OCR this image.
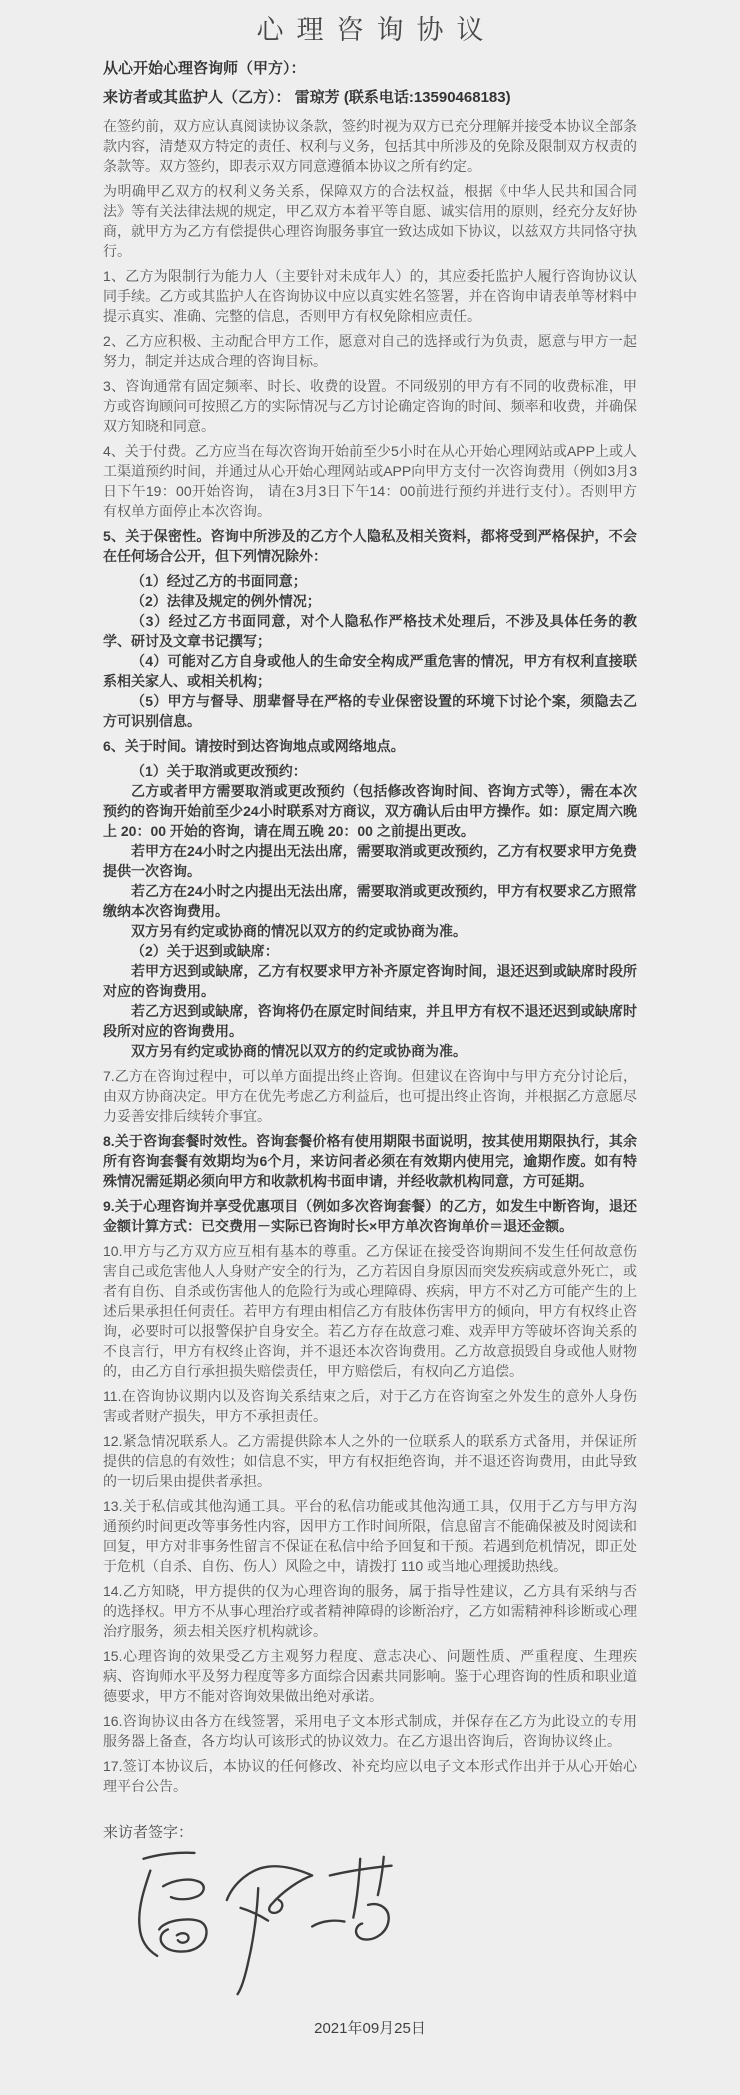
心理咨询协议

从心开始心理咨询师（甲方）：

来访者或其监护人（乙方）： 雷琼芳 (联系电话:13590468183)

在签约前，双方应认真阅读协议条款，签约时视为双方已充分理解并接受本协议全部条款内容，清楚双方特定的责任、权利与义务，包括其中所涉及的免除及限制双方权责的条款等。双方签约，即表示双方同意遵循本协议之所有约定。

为明确甲乙双方的权利义务关系，保障双方的合法权益，根据《中华人民共和国合同法》等有关法律法规的规定，甲乙双方本着平等自愿、诚实信用的原则，经充分友好协商，就甲方为乙方有偿提供心理咨询服务事宜一致达成如下协议，以兹双方共同恪守执行。

1、乙方为限制行为能力人（主要针对未成年人）的，其应委托监护人履行咨询协议认同手续。乙方或其监护人在咨询协议中应以真实姓名签署，并在咨询申请表单等材料中提示真实、准确、完整的信息，否则甲方有权免除相应责任。

2、乙方应积极、主动配合甲方工作，愿意对自己的选择或行为负责，愿意与甲方一起努力，制定并达成合理的咨询目标。

3、咨询通常有固定频率、时长、收费的设置。不同级别的甲方有不同的收费标准，甲方或咨询顾问可按照乙方的实际情况与乙方讨论确定咨询的时间、频率和收费，并确保双方知晓和同意。

4、关于付费。乙方应当在每次咨询开始前至少5小时在从心开始心理网站或APP上或人工渠道预约时间，并通过从心开始心理网站或APP向甲方支付一次咨询费用（例如3月3日下午19：00开始咨询， 请在3月3日下午14：00前进行预约并进行支付）。否则甲方有权单方面停止本次咨询。

5、关于保密性。咨询中所涉及的乙方个人隐私及相关资料，都将受到严格保护，不会在任何场合公开，但下列情况除外：

（1）经过乙方的书面同意；

（2）法律及规定的例外情况；

（3）经过乙方书面同意，对个人隐私作严格技术处理后，不涉及具体任务的教学、研讨及文章书记撰写；

（4）可能对乙方自身或他人的生命安全构成严重危害的情况，甲方有权利直接联系相关家人、或相关机构；

（5）甲方与督导、朋辈督导在严格的专业保密设置的环境下讨论个案，须隐去乙方可识别信息。

6、关于时间。请按时到达咨询地点或网络地点。

（1）关于取消或更改预约：

乙方或者甲方需要取消或更改预约（包括修改咨询时间、咨询方式等），需在本次预约的咨询开始前至少24小时联系对方商议，双方确认后由甲方操作。如：原定周六晚上 20：00 开始的咨询，请在周五晚 20：00 之前提出更改。

若甲方在24小时之内提出无法出席，需要取消或更改预约，乙方有权要求甲方免费提供一次咨询。

若乙方在24小时之内提出无法出席，需要取消或更改预约，甲方有权要求乙方照常缴纳本次咨询费用。

双方另有约定或协商的情况以双方的约定或协商为准。

（2）关于迟到或缺席：

若甲方迟到或缺席，乙方有权要求甲方补齐原定咨询时间，退还迟到或缺席时段所对应的咨询费用。

若乙方迟到或缺席，咨询将仍在原定时间结束，并且甲方有权不退还迟到或缺席时段所对应的咨询费用。

双方另有约定或协商的情况以双方的约定或协商为准。

7.乙方在咨询过程中，可以单方面提出终止咨询。但建议在咨询中与甲方充分讨论后，由双方协商决定。甲方在优先考虑乙方利益后，也可提出终止咨询，并根据乙方意愿尽力妥善安排后续转介事宜。

8.关于咨询套餐时效性。咨询套餐价格有使用期限书面说明，按其使用期限执行，其余所有咨询套餐有效期均为6个月，来访问者必须在有效期内使用完，逾期作废。如有特殊情况需延期必须向甲方和收款机构书面申请，并经收款机构同意，方可延期。

9.关于心理咨询并享受优惠项目（例如多次咨询套餐）的乙方，如发生中断咨询，退还金额计算方式：已交费用－实际已咨询时长×甲方单次咨询单价＝退还金额。

10.甲方与乙方双方应互相有基本的尊重。乙方保证在接受咨询期间不发生任何故意伤害自己或危害他人人身财产安全的行为，乙方若因自身原因而突发疾病或意外死亡，或者有自伤、自杀或伤害他人的危险行为或心理障碍、疾病，甲方不对乙方可能产生的上述后果承担任何责任。若甲方有理由相信乙方有肢体伤害甲方的倾向，甲方有权终止咨询，必要时可以报警保护自身安全。若乙方存在故意刁难、戏弄甲方等破坏咨询关系的不良言行，甲方有权终止咨询，并不退还本次咨询费用。乙方故意损毁自身或他人财物的，由乙方自行承担损失赔偿责任，甲方赔偿后，有权向乙方追偿。

11.在咨询协议期内以及咨询关系结束之后，对于乙方在咨询室之外发生的意外人身伤害或者财产损失，甲方不承担责任。

12.紧急情况联系人。乙方需提供除本人之外的一位联系人的联系方式备用，并保证所提供的信息的有效性；如信息不实，甲方有权拒绝咨询，并不退还咨询费用，由此导致的一切后果由提供者承担。

13.关于私信或其他沟通工具。平台的私信功能或其他沟通工具，仅用于乙方与甲方沟通预约时间更改等事务性内容，因甲方工作时间所限，信息留言不能确保被及时阅读和回复，甲方对非事务性留言不保证在私信中给予回复和干预。若遇到危机情况，即正处于危机（自杀、自伤、伤人）风险之中，请拨打 110 或当地心理援助热线。

14.乙方知晓，甲方提供的仅为心理咨询的服务，属于指导性建议，乙方具有采纳与否的选择权。甲方不从事心理治疗或者精神障碍的诊断治疗，乙方如需精神科诊断或心理治疗服务，须去相关医疗机构就诊。

15.心理咨询的效果受乙方主观努力程度、意志决心、问题性质、严重程度、生理疾病、咨询师水平及努力程度等多方面综合因素共同影响。鉴于心理咨询的性质和职业道德要求，甲方不能对咨询效果做出绝对承诺。

16.咨询协议由各方在线签署，采用电子文本形式制成，并保存在乙方为此设立的专用服务器上备查，各方均认可该形式的协议效力。在乙方退出咨询后，咨询协议终止。

17.签订本协议后，本协议的任何修改、补充均应以电子文本形式作出并于从心开始心理平台公告。

来访者签字：

2021年09月25日
